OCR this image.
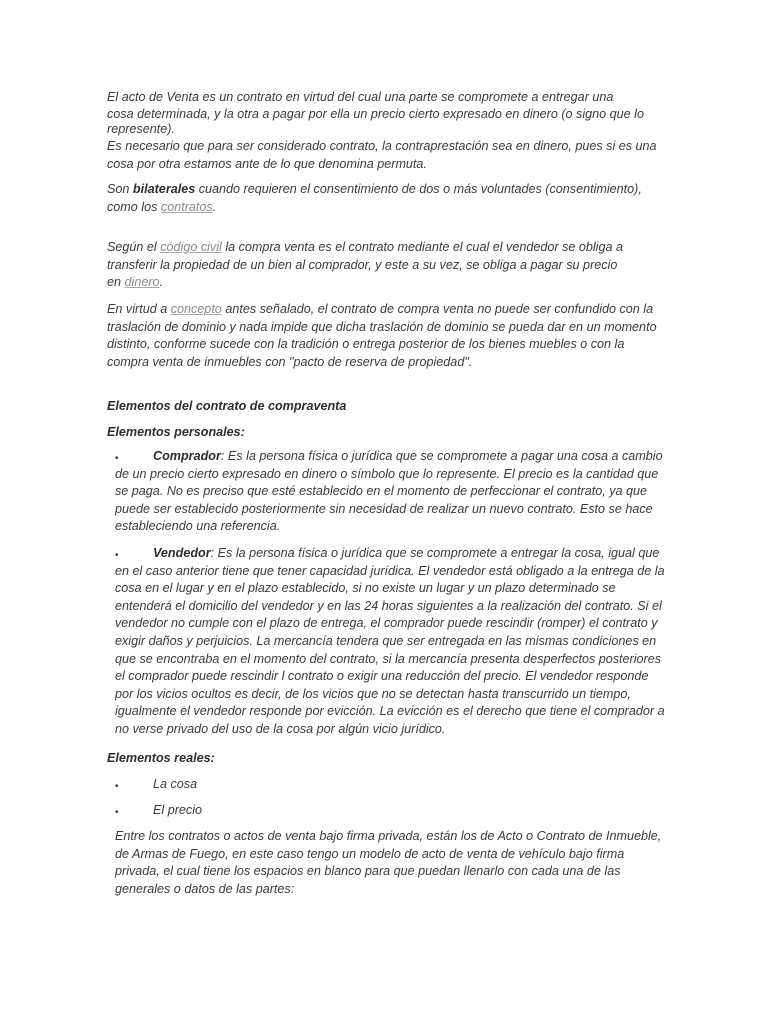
El acto de Venta es un contrato en virtud del cual una parte se compromete a entregar una
cosa determinada, y la otra a pagar por ella un precio cierto expresado en dinero (o signo que lo
represente).

Es necesario que para ser considerado contrato, la contraprestación sea en dinero, pues si es una
cosa por otra estamos ante de lo que denomina permuta.

Son bilaterales cuando requieren el consentimiento de dos o más voluntades (consentimiento),
como los contratos.

Según el código civil la compra venta es el contrato mediante el cual el vendedor se obliga a
transferir la propiedad de un bien al comprador, y este a su vez, se obliga a pagar su precio
en dinero.

En virtud a concepto antes señalado, el contrato de compra venta no puede ser confundido con la
traslación de dominio y nada impide que dicha traslación de dominio se pueda dar en un momento
distinto, conforme sucede con la tradición o entrega posterior de los bienes muebles o con la
compra venta de inmuebles con "pacto de reserva de propiedad".

Elementos del contrato de compraventa

Elementos personales:

•	Comprador: Es la persona física o jurídica que se compromete a pagar una cosa a cambio
de un precio cierto expresado en dinero o símbolo que lo represente. El precio es la cantidad que
se paga. No es preciso que esté establecido en el momento de perfeccionar el contrato, ya que
puede ser establecido posteriormente sin necesidad de realizar un nuevo contrato. Esto se hace
estableciendo una referencia.

•	Vendedor: Es la persona física o jurídica que se compromete a entregar la cosa, igual que
en el caso anterior tiene que tener capacidad jurídica. El vendedor está obligado a la entrega de la
cosa en el lugar y en el plazo establecido, si no existe un lugar y un plazo determinado se
entenderá el domicilio del vendedor y en las 24 horas siguientes a la realización del contrato. Si el
vendedor no cumple con el plazo de entrega, el comprador puede rescindir (romper) el contrato y
exigir daños y perjuicios. La mercancía tendera que ser entregada en las mismas condiciones en
que se encontraba en el momento del contrato, si la mercancía presenta desperfectos posteriores
el comprador puede rescindir l contrato o exigir una reducción del precio. El vendedor responde
por los vicios ocultos es decir, de los vicios que no se detectan hasta transcurrido un tiempo,
igualmente el vendedor responde por evicción. La evicción es el derecho que tiene el comprador a
no verse privado del uso de la cosa por algún vicio jurídico.

Elementos reales:

•	La cosa

•	El precio

Entre los contratos o actos de venta bajo firma privada, están los de Acto o Contrato de Inmueble,
de Armas de Fuego, en este caso tengo un modelo de acto de venta de vehículo bajo firma
privada, el cual tiene los espacios en blanco para que puedan llenarlo con cada una de las
generales o datos de las partes:
